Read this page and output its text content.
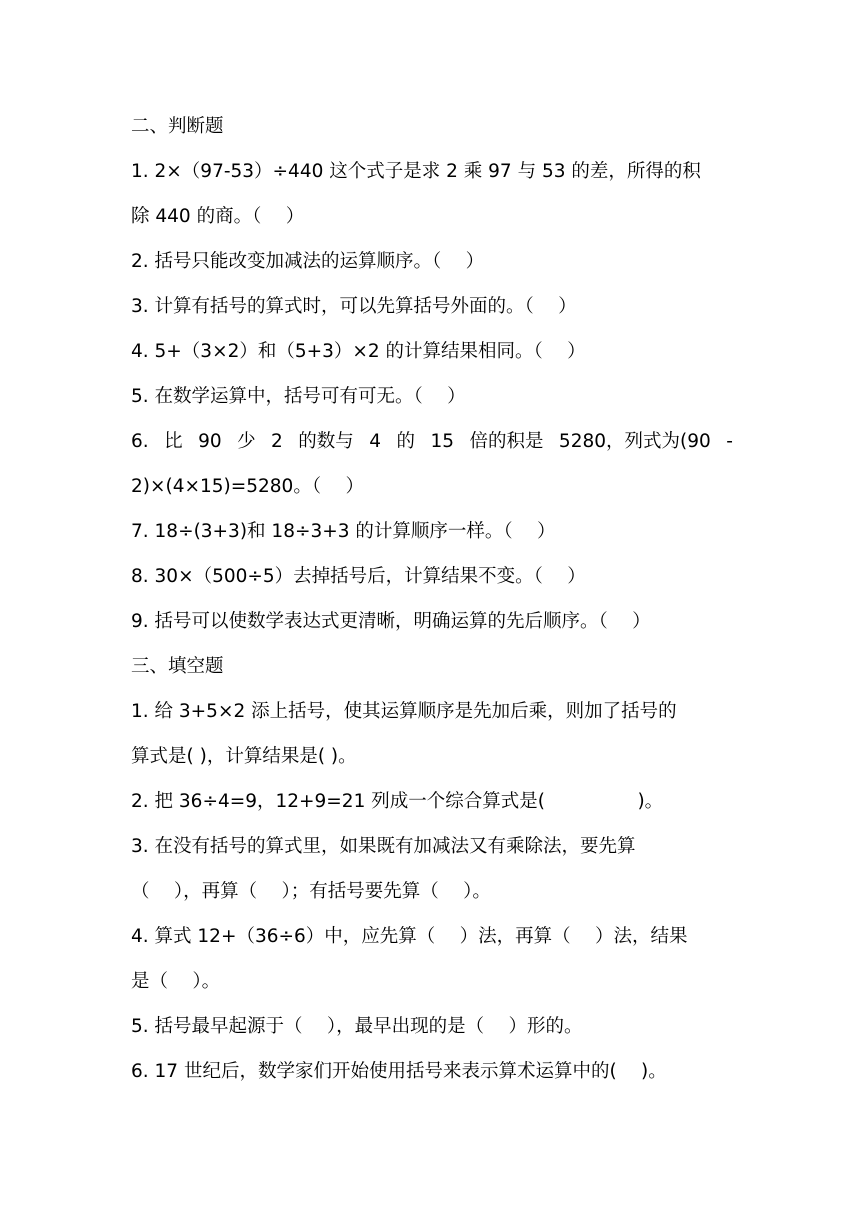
二、判断题
1. 2×（97-53）÷440 这个式子是求 2 乘 97 与 53 的差，所得的积
除 440 的商。（　 ）
2. 括号只能改变加减法的运算顺序。（　 ）
3. 计算有括号的算式时，可以先算括号外面的。（　 ）
4. 5+（3×2）和（5+3）×2 的计算结果相同。（　 ）
5. 在数学运算中，括号可有可无。（　 ）
6. 比 90 少 2 的数与 4 的 15 倍的积是 5280，列式为(90 -
2)×(4×15)=5280。（　 ）
7. 18÷(3+3)和 18÷3+3 的计算顺序一样。（　 ）
8. 30×（500÷5）去掉括号后，计算结果不变。（　 ）
9. 括号可以使数学表达式更清晰，明确运算的先后顺序。（　 ）
三、填空题
1. 给 3+5×2 添上括号，使其运算顺序是先加后乘，则加了括号的
算式是( )，计算结果是( )。
2. 把 36÷4=9，12+9=21 列成一个综合算式是(　　　　　)。
3. 在没有括号的算式里，如果既有加减法又有乘除法，要先算
（　 ），再算（　 ）；有括号要先算（　 ）。
4. 算式 12+（36÷6）中，应先算（　 ）法，再算（　 ）法，结果
是（　 ）。
5. 括号最早起源于（　 ），最早出现的是（　 ）形的。
6. 17 世纪后，数学家们开始使用括号来表示算术运算中的(　 )。
